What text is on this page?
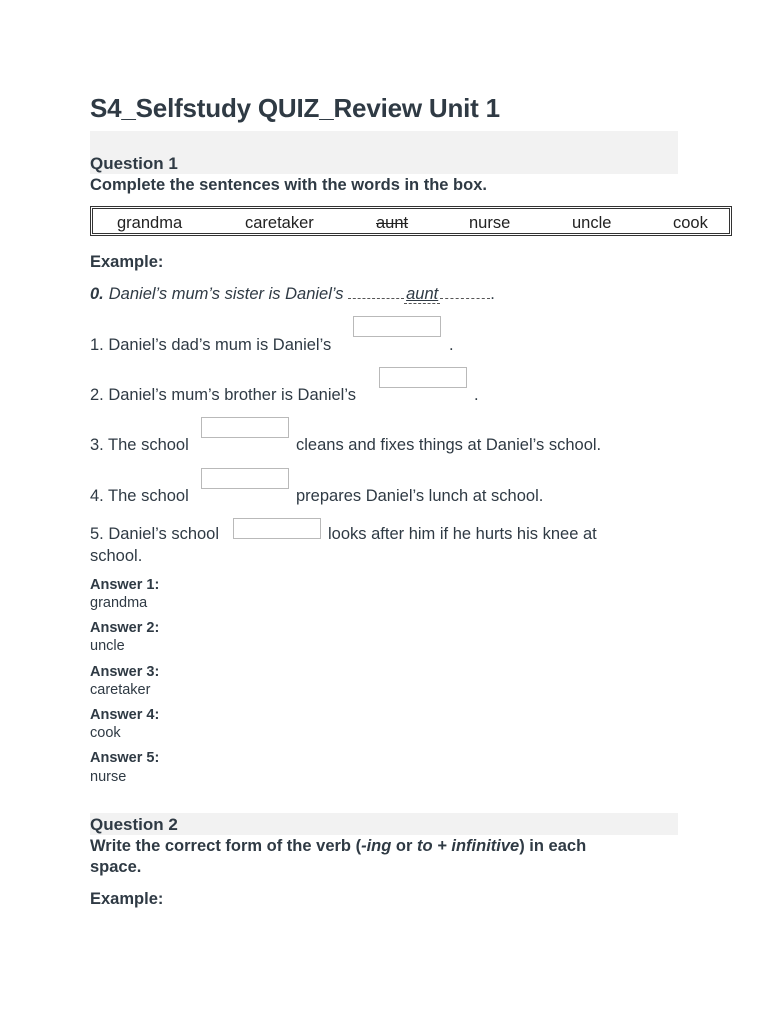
S4_Selfstudy QUIZ_Review Unit 1
Question 1
Complete the sentences with the words in the box.
grandma	caretaker	aunt	nurse	uncle	cook
Example:
0. Daniel’s mum’s sister is Daniel’s	aunt	.
1. Daniel’s dad’s mum is Daniel’s	.
2. Daniel’s mum’s brother is Daniel’s	.
3. The school	cleans and fixes things at Daniel’s school.
4. The school	prepares Daniel’s lunch at school.
5. Daniel’s school	looks after him if he hurts his knee at
school.
Answer 1:
grandma
Answer 2:
uncle
Answer 3:
caretaker
Answer 4:
cook
Answer 5:
nurse
Question 2
Write the correct form of the verb (-ing or to + infinitive) in each space.
Example:
